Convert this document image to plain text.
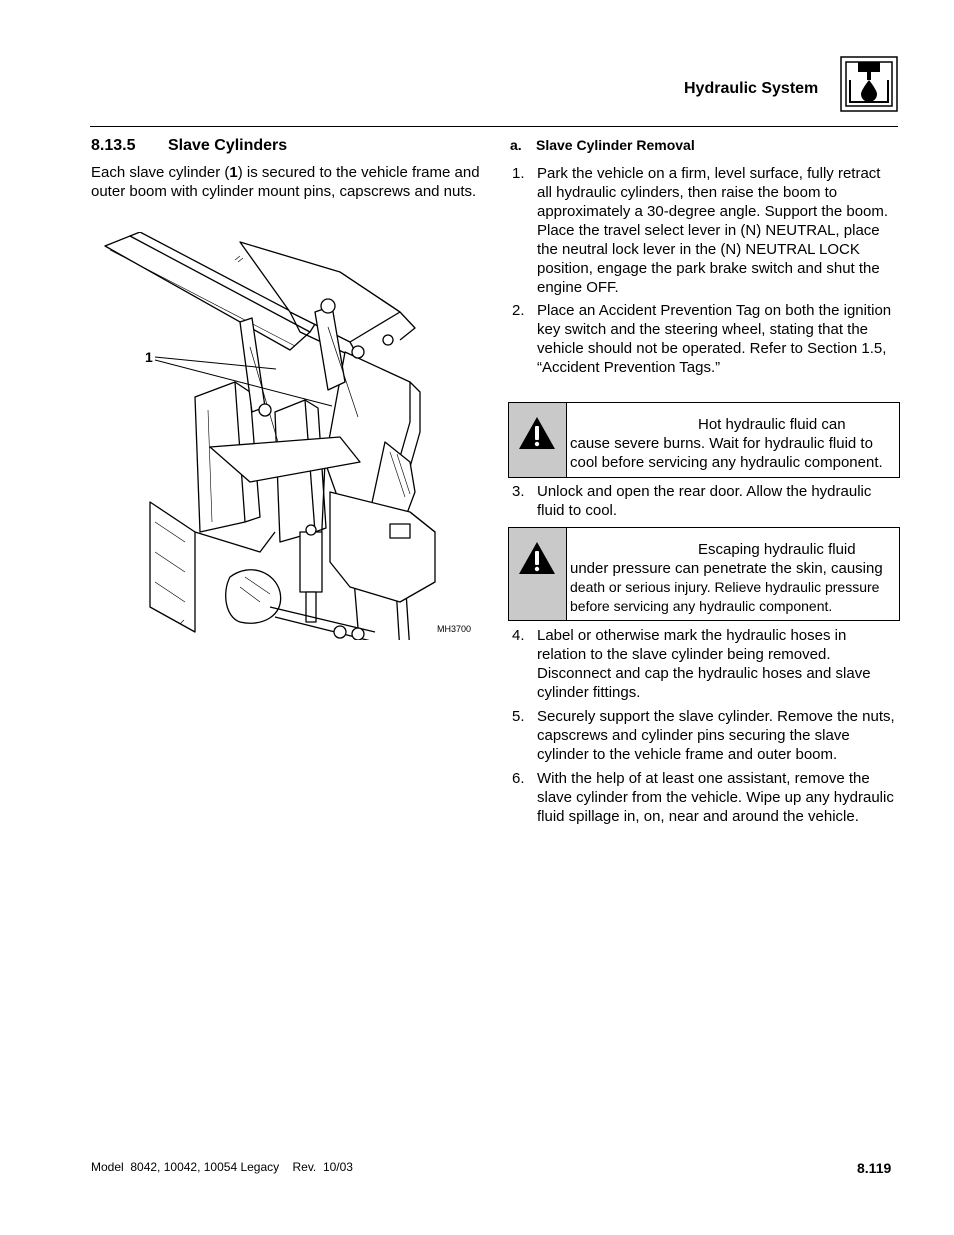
Hydraulic System
8.13.5 Slave Cylinders
Each slave cylinder (1) is secured to the vehicle frame and outer boom with cylinder mount pins, capscrews and nuts.
1
MH3700
a. Slave Cylinder Removal
1. Park the vehicle on a firm, level surface, fully retract all hydraulic cylinders, then raise the boom to approximately a 30-degree angle. Support the boom. Place the travel select lever in (N) NEUTRAL, place the neutral lock lever in the (N) NEUTRAL LOCK position, engage the park brake switch and shut the engine OFF.
2. Place an Accident Prevention Tag on both the ignition key switch and the steering wheel, stating that the vehicle should not be operated. Refer to Section 1.5, “Accident Prevention Tags.”
Hot hydraulic fluid can
cause severe burns. Wait for hydraulic fluid to cool before servicing any hydraulic component.
3. Unlock and open the rear door. Allow the hydraulic fluid to cool.
Escaping hydraulic fluid
under pressure can penetrate the skin, causing
death or serious injury. Relieve hydraulic pressure before servicing any hydraulic component.
4. Label or otherwise mark the hydraulic hoses in relation to the slave cylinder being removed. Disconnect and cap the hydraulic hoses and slave cylinder fittings.
5. Securely support the slave cylinder. Remove the nuts, capscrews and cylinder pins securing the slave cylinder to the vehicle frame and outer boom.
6. With the help of at least one assistant, remove the slave cylinder from the vehicle. Wipe up any hydraulic fluid spillage in, on, near and around the vehicle.
Model  8042, 10042, 10054 Legacy    Rev.  10/03	8.119
